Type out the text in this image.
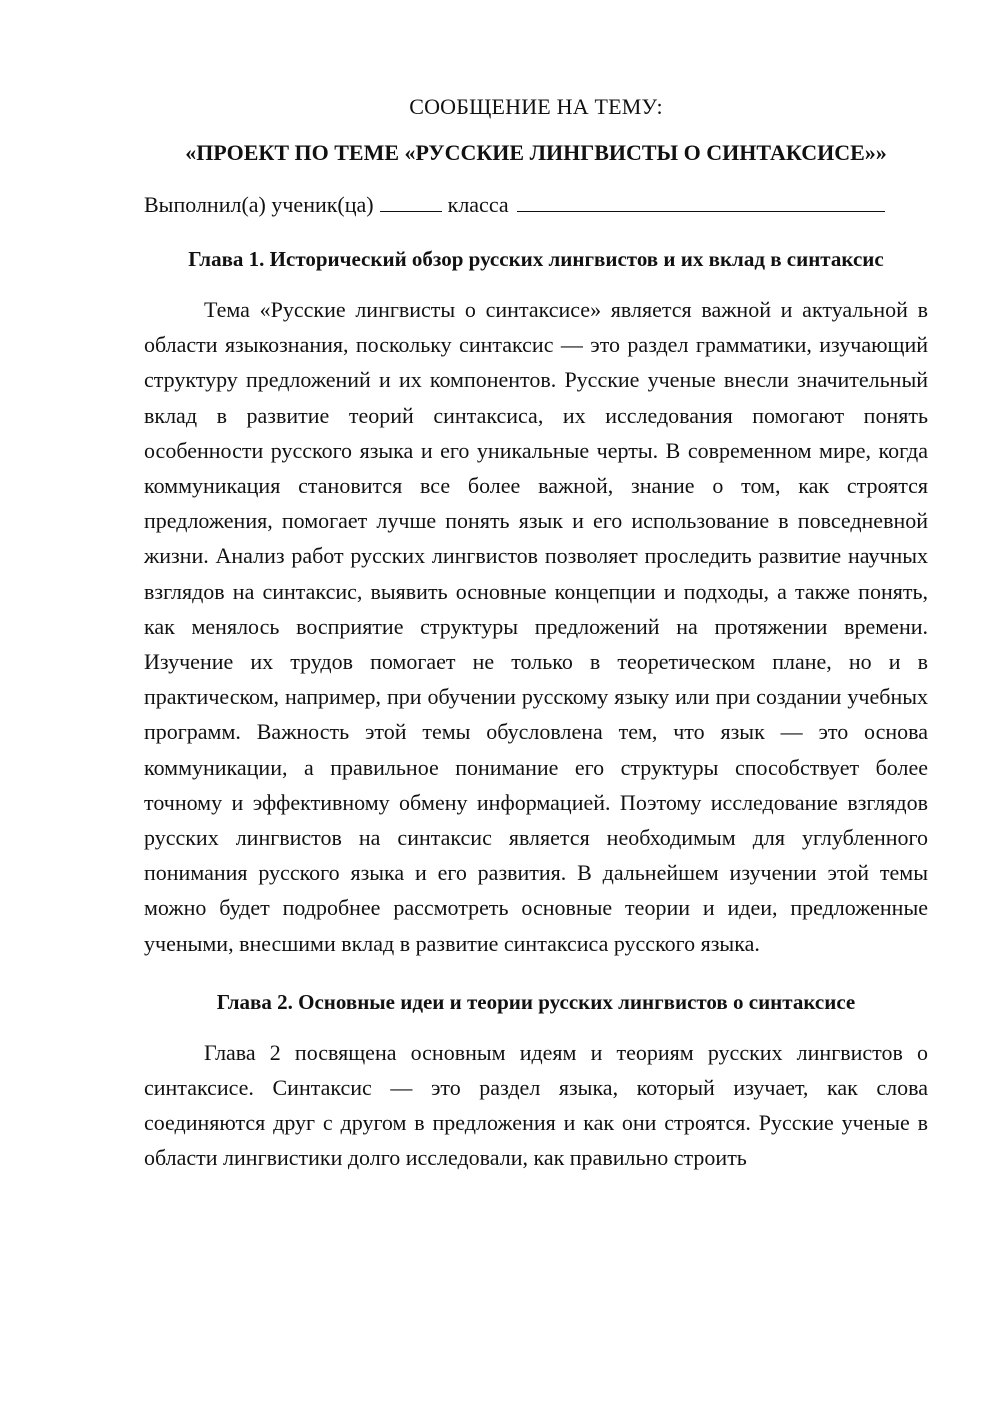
СООБЩЕНИЕ НА ТЕМУ:

«ПРОЕКТ ПО ТЕМЕ «РУССКИЕ ЛИНГВИСТЫ О СИНТАКСИСЕ»»

Выполнил(а) ученик(ца)	класса

Глава 1. Исторический обзор русских лингвистов и их вклад в синтаксис

Тема «Русские лингвисты о синтаксисе» является важной и актуальной в области языкознания, поскольку синтаксис — это раздел грамматики, изучающий структуру предложений и их компонентов. Русские ученые внесли значительный вклад в развитие теорий синтаксиса, их исследования помогают понять особенности русского языка и его уникальные черты. В современном мире, когда коммуникация становится все более важной, знание о том, как строятся предложения, помогает лучше понять язык и его использование в повседневной жизни. Анализ работ русских лингвистов позволяет проследить развитие научных взглядов на синтаксис, выявить основные концепции и подходы, а также понять, как менялось восприятие структуры предложений на протяжении времени. Изучение их трудов помогает не только в теоретическом плане, но и в практическом, например, при обучении русскому языку или при создании учебных программ. Важность этой темы обусловлена тем, что язык — это основа коммуникации, а правильное понимание его структуры способствует более точному и эффективному обмену информацией. Поэтому исследование взглядов русских лингвистов на синтаксис является необходимым для углубленного понимания русского языка и его развития. В дальнейшем изучении этой темы можно будет подробнее рассмотреть основные теории и идеи, предложенные учеными, внесшими вклад в развитие синтаксиса русского языка.

Глава 2. Основные идеи и теории русских лингвистов о синтаксисе

Глава 2 посвящена основным идеям и теориям русских лингвистов о синтаксисе. Синтаксис — это раздел языка, который изучает, как слова соединяются друг с другом в предложения и как они строятся. Русские ученые в области лингвистики долго исследовали, как правильно строить
